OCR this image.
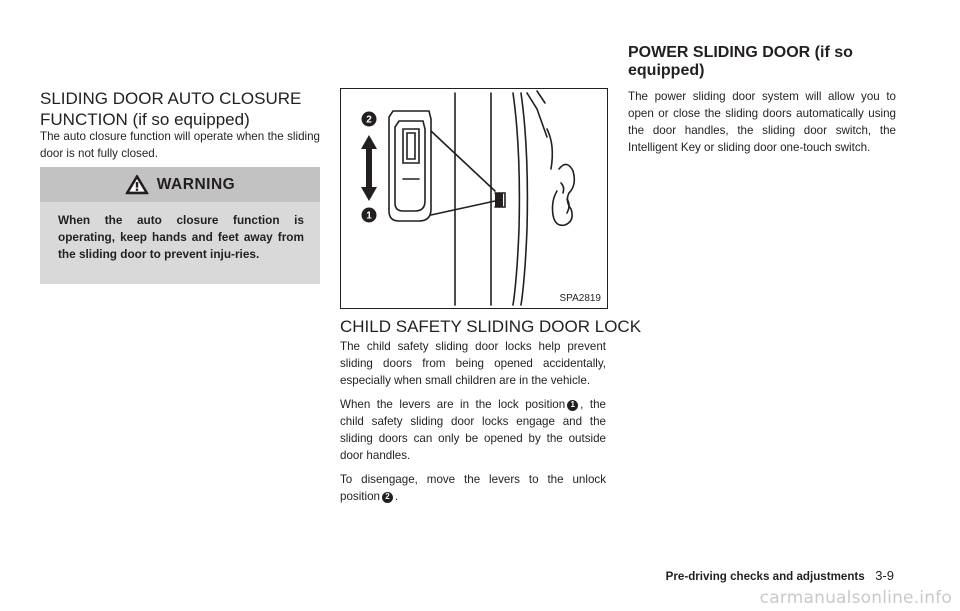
SLIDING DOOR AUTO CLOSURE
FUNCTION (if so equipped)
The auto closure function will operate when the sliding door is not fully closed.
WARNING
When the auto closure function is operating, keep hands and feet away from the sliding door to prevent inju-ries.
2
1
SPA2819
CHILD SAFETY SLIDING DOOR LOCK

The child safety sliding door locks help prevent sliding doors from being opened accidentally, especially when small children are in the vehicle.

When the levers are in the lock position 1 , the child safety sliding door locks engage and the sliding doors can only be opened by the outside door handles.

To disengage, move the levers to the unlock position 2 .

POWER SLIDING DOOR (if so
equipped)
The power sliding door system will allow you to open or close the sliding doors automatically using the door handles, the sliding door switch, the Intelligent Key or sliding door one-touch switch.
Pre-driving checks and adjustments 3-9
carmanualsonline.info
